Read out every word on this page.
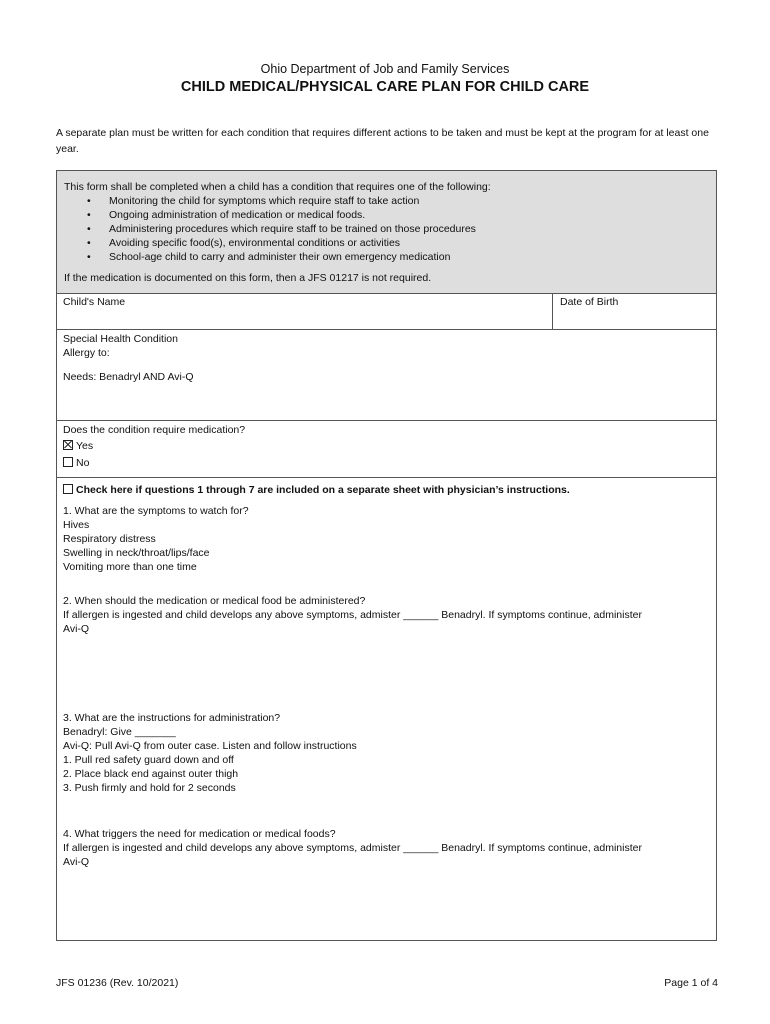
Ohio Department of Job and Family Services
CHILD MEDICAL/PHYSICAL CARE PLAN FOR CHILD CARE
A separate plan must be written for each condition that requires different actions to be taken and must be kept at the program for at least one year.
This form shall be completed when a child has a condition that requires one of the following:
• Monitoring the child for symptoms which require staff to take action
• Ongoing administration of medication or medical foods.
• Administering procedures which require staff to be trained on those procedures
• Avoiding specific food(s), environmental conditions or activities
• School-age child to carry and administer their own emergency medication
If the medication is documented on this form, then a JFS 01217 is not required.
Child's Name	Date of Birth
Special Health Condition
Allergy to:
Needs: Benadryl AND Avi-Q
Does the condition require medication?
Yes
No
Check here if questions 1 through 7 are included on a separate sheet with physician’s instructions.
1. What are the symptoms to watch for?
Hives
Respiratory distress
Swelling in neck/throat/lips/face
Vomiting more than one time
2. When should the medication or medical food be administered?
If allergen is ingested and child develops any above symptoms, admister ______ Benadryl. If symptoms continue, administer
Avi-Q
3. What are the instructions for administration?
Benadryl: Give _______
Avi-Q: Pull Avi-Q from outer case. Listen and follow instructions
1. Pull red safety guard down and off
2. Place black end against outer thigh
3. Push firmly and hold for 2 seconds
4. What triggers the need for medication or medical foods?
If allergen is ingested and child develops any above symptoms, admister ______ Benadryl. If symptoms continue, administer
Avi-Q
JFS 01236 (Rev. 10/2021)	Page 1 of 4
